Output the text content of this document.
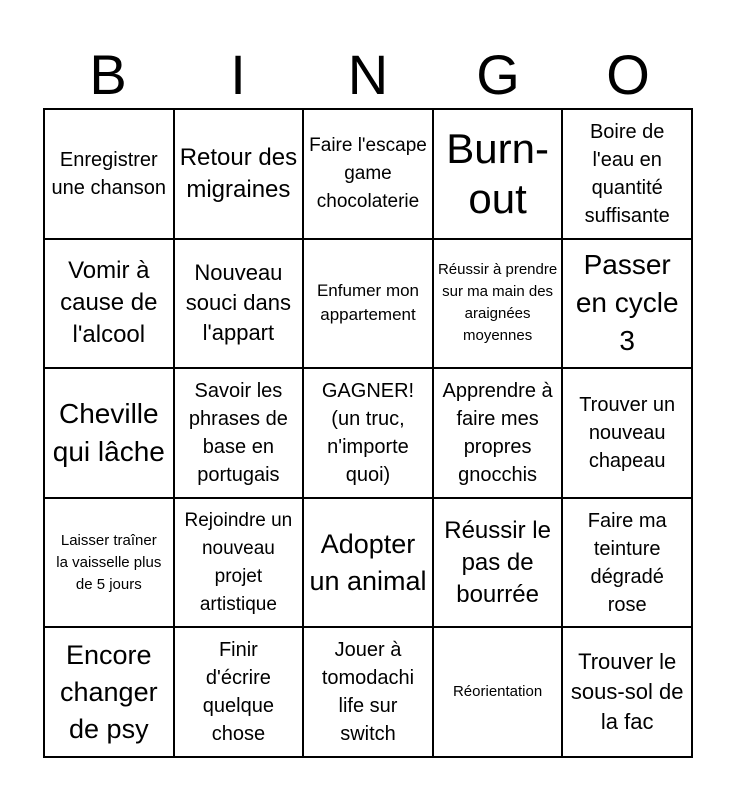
B	I	N	G	O
Enregistrer une chanson
Retour des migraines
Faire l'escape game chocolaterie
Burn-out
Boire de l'eau en quantité suffisante
Vomir à cause de l'alcool
Nouveau souci dans l'appart
Enfumer mon appartement
Réussir à prendre sur ma main des araignées moyennes
Passer en cycle 3
Cheville qui lâche
Savoir les phrases de base en portugais
GAGNER! (un truc, n'importe quoi)
Apprendre à faire mes propres gnocchis
Trouver un nouveau chapeau
Laisser traîner la vaisselle plus de 5 jours
Rejoindre un nouveau projet artistique
Adopter un animal
Réussir le pas de bourrée
Faire ma teinture dégradé rose
Encore changer de psy
Finir d'écrire quelque chose
Jouer à tomodachi life sur switch
Réorientation
Trouver le sous-sol de la fac
